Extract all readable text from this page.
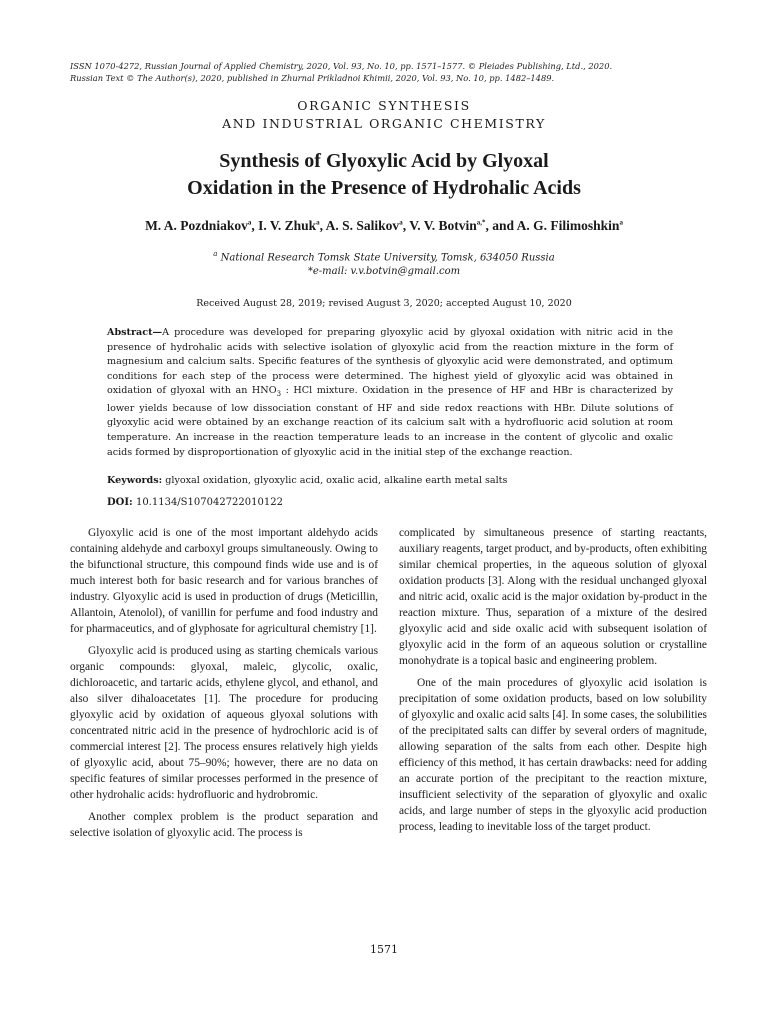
ISSN 1070-4272, Russian Journal of Applied Chemistry, 2020, Vol. 93, No. 10, pp. 1571–1577. © Pleiades Publishing, Ltd., 2020.
Russian Text © The Author(s), 2020, published in Zhurnal Prikladnoi Khimii, 2020, Vol. 93, No. 10, pp. 1482–1489.
ORGANIC SYNTHESIS
AND INDUSTRIAL ORGANIC CHEMISTRY
Synthesis of Glyoxylic Acid by Glyoxal
Oxidation in the Presence of Hydrohalic Acids
M. A. Pozdniakov$^a$, I. V. Zhuk$^a$, A. S. Salikov$^a$, V. V. Botvin$^{a,*}$, and A. G. Filimoshkin$^a$
$^a$ National Research Tomsk State University, Tomsk, 634050 Russia
*e-mail: v.v.botvin@gmail.com
Received August 28, 2019; revised August 3, 2020; accepted August 10, 2020
Abstract—A procedure was developed for preparing glyoxylic acid by glyoxal oxidation with nitric acid in the presence of hydrohalic acids with selective isolation of glyoxylic acid from the reaction mixture in the form of magnesium and calcium salts. Specific features of the synthesis of glyoxylic acid were demonstrated, and optimum conditions for each step of the process were determined. The highest yield of glyoxylic acid was obtained in oxidation of glyoxal with an $HNO_3$ : HCl mixture. Oxidation in the presence of HF and HBr is characterized by lower yields because of low dissociation constant of HF and side redox reactions with HBr. Dilute solutions of glyoxylic acid were obtained by an exchange reaction of its calcium salt with a hydrofluoric acid solution at room temperature. An increase in the reaction temperature leads to an increase in the content of glycolic and oxalic acids formed by disproportionation of glyoxylic acid in the initial step of the exchange reaction.
Keywords: glyoxal oxidation, glyoxylic acid, oxalic acid, alkaline earth metal salts
DOI: 10.1134/S107042722010122

Glyoxylic acid is one of the most important aldehydo acids containing aldehyde and carboxyl groups simultaneously. Owing to the bifunctional structure, this compound finds wide use and is of much interest both for basic research and for various branches of industry. Glyoxylic acid is used in production of drugs (Meticillin, Allantoin, Atenolol), of vanillin for perfume and food industry and for pharmaceutics, and of glyphosate for agricultural chemistry [1].

Glyoxylic acid is produced using as starting chemicals various organic compounds: glyoxal, maleic, glycolic, oxalic, dichloroacetic, and tartaric acids, ethylene glycol, and ethanol, and also silver dihaloacetates [1]. The procedure for producing glyoxylic acid by oxidation of aqueous glyoxal solutions with concentrated nitric acid in the presence of hydrochloric acid is of commercial interest [2]. The process ensures relatively high yields of glyoxylic acid, about 75–90%; however, there are no data on specific features of similar processes performed in the presence of other hydrohalic acids: hydrofluoric and hydrobromic.

Another complex problem is the product separation and selective isolation of glyoxylic acid. The process is

complicated by simultaneous presence of starting reactants, auxiliary reagents, target product, and by-products, often exhibiting similar chemical properties, in the aqueous solution of glyoxal oxidation products [3]. Along with the residual unchanged glyoxal and nitric acid, oxalic acid is the major oxidation by-product in the reaction mixture. Thus, separation of a mixture of the desired glyoxylic acid and side oxalic acid with subsequent isolation of glyoxylic acid in the form of an aqueous solution or crystalline monohydrate is a topical basic and engineering problem.

One of the main procedures of glyoxylic acid isolation is precipitation of some oxidation products, based on low solubility of glyoxylic and oxalic acid salts [4]. In some cases, the solubilities of the precipitated salts can differ by several orders of magnitude, allowing separation of the salts from each other. Despite high efficiency of this method, it has certain drawbacks: need for adding an accurate portion of the precipitant to the reaction mixture, insufficient selectivity of the separation of glyoxylic and oxalic acids, and large number of steps in the glyoxylic acid production process, leading to inevitable loss of the target product.

1571
